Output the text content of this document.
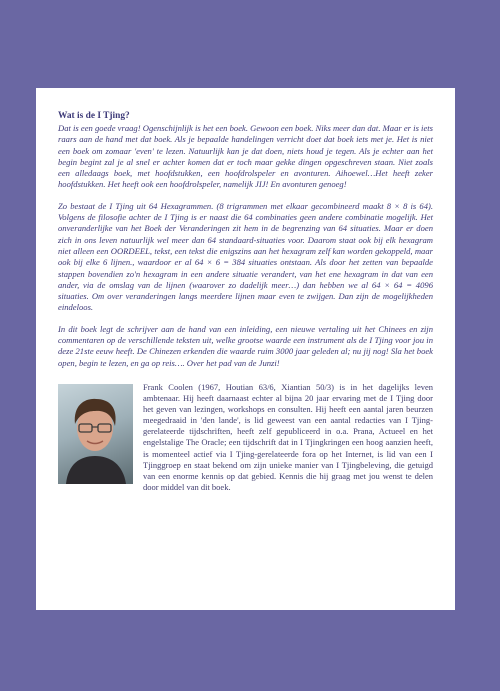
Wat is de I Tjing?

Dat is een goede vraag! Ogenschijnlijk is het een boek. Gewoon een boek. Niks meer dan dat. Maar er is iets raars aan de hand met dat boek. Als je bepaalde handelingen verricht doet dat boek iets met je. Het is niet een boek om zomaar 'even' te lezen. Natuurlijk kan je dat doen, niets houd je tegen. Als je echter aan het begin begint zal je al snel er achter komen dat er toch maar gekke dingen opgeschreven staan. Niet zoals een alledaags boek, met hoofdstukken, een hoofdrolspeler en avonturen. Aihoewel…Het heeft zeker hoofdstukken. Het heeft ook een hoofdrolspeler, namelijk JIJ! En avonturen genoeg!

Zo bestaat de I Tjing uit 64 Hexagrammen. (8 trigrammen met elkaar gecombineerd maakt 8 × 8 is 64). Volgens de filosofie achter de I Tjing is er naast die 64 combinaties geen andere combinatie mogelijk. Het onveranderlijke van het Boek der Veranderingen zit hem in de begrenzing van 64 situaties. Maar er doen zich in ons leven natuurlijk wel meer dan 64 standaard-situaties voor. Daarom staat ook bij elk hexagram niet alleen een OORDEEL, tekst, een tekst die enigszins aan het hexagram zelf kan worden gekoppeld, maar ook bij elke 6 lijnen., waardoor er al 64 × 6 = 384 situaties ontstaan. Als door het zetten van bepaalde stappen bovendien zo'n hexagram in een andere situatie verandert, van het ene hexagram in dat van een ander, via de omslag van de lijnen (waarover zo dadelijk meer…) dan hebben we al 64 × 64 = 4096 situaties. Om over veranderingen langs meerdere lijnen maar even te zwijgen. Dan zijn de mogelijkheden eindeloos.

In dit boek legt de schrijver aan de hand van een inleiding, een nieuwe vertaling uit het Chinees en zijn commentaren op de verschillende teksten uit, welke grootse waarde een instrument als de I Tjing voor jou in deze 21ste eeuw heeft. De Chinezen erkenden die waarde ruim 3000 jaar geleden al; nu jij nog! Sla het boek open, begin te lezen, en ga op reis…. Over het pad van de Junzi!

Frank Coolen (1967, Houtian 63/6, Xiantian 50/3) is in het dagelijks leven ambtenaar. Hij heeft daarnaast echter al bijna 20 jaar ervaring met de I Tjing door het geven van lezingen, workshops en consulten. Hij heeft een aantal jaren beurzen meegedraaid in 'den lande', is lid geweest van een aantal redacties van I Tjing-gerelateerde tijdschriften, heeft zelf gepubliceerd in o.a. Prana, Actueel en het engelstalige The Oracle; een tijdschrift dat in I Tjingkringen een hoog aanzien heeft, is momenteel actief via I Tjing-gerelateerde fora op het Internet, is lid van een I Tjinggroep en staat bekend om zijn unieke manier van I Tjingbeleving, die getuigd van een enorme kennis op dat gebied. Kennis die hij graag met jou wenst te delen door middel van dit boek.
